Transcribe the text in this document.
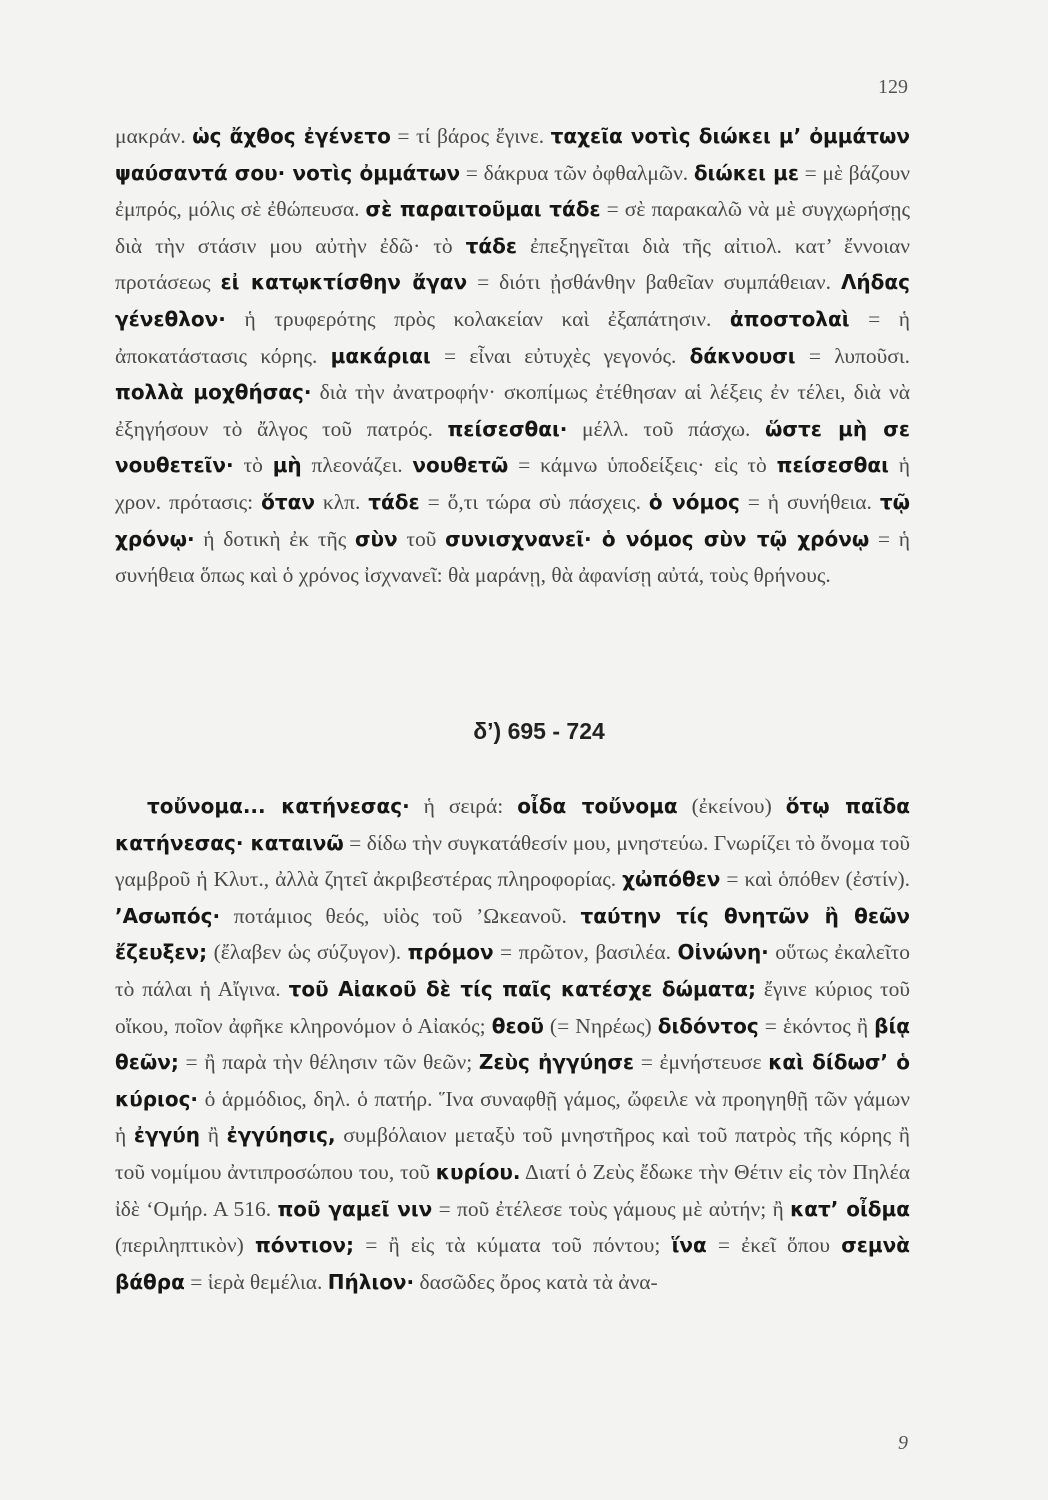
129
μακράν. ὡς ἄχθος ἐγένετο = τί βάρος ἔγινε. ταχεῖα νοτὶς διώκει μ’ ὀμμάτων ψαύσαντά σου· νοτὶς ὀμμάτων = δάκρυα τῶν ὀφθαλμῶν. διώκει με = μὲ βάζουν ἐμπρός, μόλις σὲ ἐθώπευσα. σὲ παραιτοῦμαι τάδε = σὲ παρακαλῶ νὰ μὲ συγχωρήσῃς διὰ τὴν στάσιν μου αὐτὴν ἐδῶ· τὸ τάδε ἐπεξηγεῖται διὰ τῆς αἰτιολ. κατ’ ἔννοιαν προτάσεως εἰ κατῳκτίσθην ἄγαν = διότι ᾐσθάνθην βαθεῖαν συμπάθειαν. Λήδας γένεθλον· ἡ τρυφερότης πρὸς κολακείαν καὶ ἐξαπάτησιν. ἀποστολαὶ = ἡ ἀποκατάστασις κόρης. μακάριαι = εἶναι εὐτυχὲς γεγονός. δάκνουσι = λυποῦσι. πολλὰ μοχθήσας· διὰ τὴν ἀνατροφήν· σκοπίμως ἐτέθησαν αἱ λέξεις ἐν τέλει, διὰ νὰ ἐξηγήσουν τὸ ἄλγος τοῦ πατρός. πείσεσθαι· μέλλ. τοῦ πάσχω. ὥστε μὴ σε νουθετεῖν· τὸ μὴ πλεονάζει. νουθετῶ = κάμνω ὑποδείξεις· εἰς τὸ πείσεσθαι ἡ χρον. πρότασις: ὅταν κλπ. τάδε = ὅ,τι τώρα σὺ πάσχεις. ὁ νόμος = ἡ συνήθεια. τῷ χρόνῳ· ἡ δοτικὴ ἐκ τῆς σὺν τοῦ συνισχνανεῖ· ὁ νόμος σὺν τῷ χρόνῳ = ἡ συνήθεια ὅπως καὶ ὁ χρόνος ἰσχνανεῖ: θὰ μαράνῃ, θὰ ἀφανίσῃ αὐτά, τοὺς θρήνους.
δ’) 695 - 724
τοὔνομα... κατήνεσας· ἡ σειρά: οἶδα τοὔνομα (ἐκείνου) ὅτῳ παῖδα κατήνεσας· καταινῶ = δίδω τὴν συγκατάθεσίν μου, μνηστεύω. Γνωρίζει τὸ ὄνομα τοῦ γαμβροῦ ἡ Κλυτ., ἀλλὰ ζητεῖ ἀκριβεστέρας πληροφορίας. χὠπόθεν = καὶ ὁπόθεν (ἐστίν). ’Ασωπός· ποτάμιος θεός, υἱὸς τοῦ ’Ωκεανοῦ. ταύτην τίς θνητῶν ἢ θεῶν ἔζευξεν; (ἔλαβεν ὡς σύζυγον). πρόμον = πρῶτον, βασιλέα. Οἰνώνη· οὕτως ἐκαλεῖτο τὸ πάλαι ἡ Αἴγινα. τοῦ Αἰακοῦ δὲ τίς παῖς κατέσχε δώματα; ἔγινε κύριος τοῦ οἴκου, ποῖον ἀφῆκε κληρονόμον ὁ Αἰακός; θεοῦ (= Νηρέως) διδόντος = ἑκόντος ἢ βίᾳ θεῶν; = ἢ παρὰ τὴν θέλησιν τῶν θεῶν; Ζεὺς ἠγγύησε = ἐμνήστευσε καὶ δίδωσ’ ὁ κύριος· ὁ ἁρμόδιος, δηλ. ὁ πατήρ. Ἵνα συναφθῇ γάμος, ὤφειλε νὰ προηγηθῇ τῶν γάμων ἡ ἐγγύη ἢ ἐγγύησις, συμβόλαιον μεταξὺ τοῦ μνηστῆρος καὶ τοῦ πατρὸς τῆς κόρης ἢ τοῦ νομίμου ἀντιπροσώπου του, τοῦ κυρίου. Διατί ὁ Ζεὺς ἔδωκε τὴν Θέτιν εἰς τὸν Πηλέα ἰδὲ ‘Ομήρ. Α 516. ποῦ γαμεῖ νιν = ποῦ ἐτέλεσε τοὺς γάμους μὲ αὐτήν; ἢ κατ’ οἶδμα (περιληπτικὸν) πόντιον; = ἢ εἰς τὰ κύματα τοῦ πόντου; ἵνα = ἐκεῖ ὅπου σεμνὰ βάθρα = ἱερὰ θεμέλια. Πήλιον· δασῶδες ὄρος κατὰ τὰ ἀνα-
9
